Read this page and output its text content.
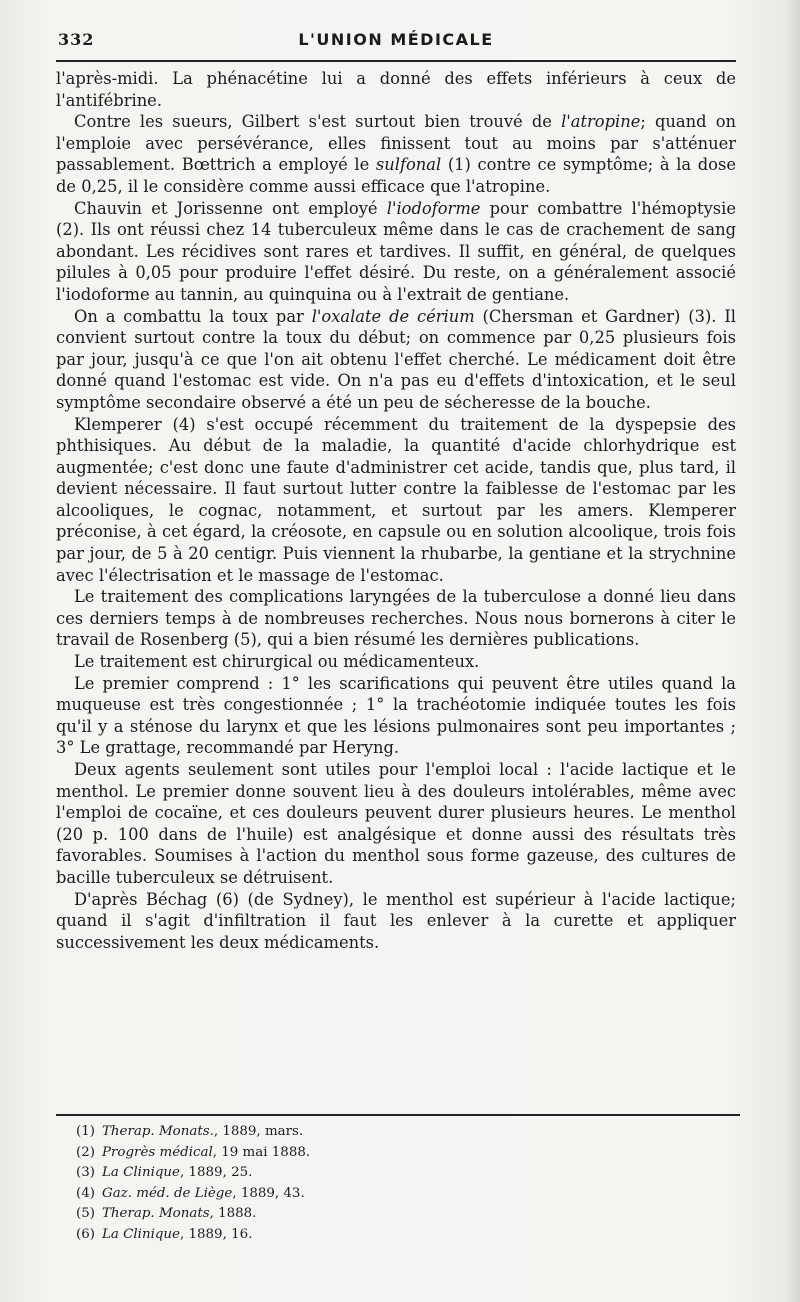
332	L'UNION MÉDICALE

l'après-midi. La phénacétine lui a donné des effets inférieurs à ceux de l'antifébrine.

Contre les sueurs, Gilbert s'est surtout bien trouvé de l'atropine; quand on l'emploie avec persévérance, elles finissent tout au moins par s'atténuer passablement. Bœttrich a employé le sulfonal (1) contre ce symptôme; à la dose de 0,25, il le considère comme aussi efficace que l'atropine.

Chauvin et Jorissenne ont employé l'iodoforme pour combattre l'hémoptysie (2). Ils ont réussi chez 14 tuberculeux même dans le cas de crachement de sang abondant. Les récidives sont rares et tardives. Il suffit, en général, de quelques pilules à 0,05 pour produire l'effet désiré. Du reste, on a généralement associé l'iodoforme au tannin, au quinquina ou à l'extrait de gentiane.

On a combattu la toux par l'oxalate de cérium (Chersman et Gardner) (3). Il convient surtout contre la toux du début; on commence par 0,25 plusieurs fois par jour, jusqu'à ce que l'on ait obtenu l'effet cherché. Le médicament doit être donné quand l'estomac est vide. On n'a pas eu d'effets d'intoxication, et le seul symptôme secondaire observé a été un peu de sécheresse de la bouche.

Klemperer (4) s'est occupé récemment du traitement de la dyspepsie des phthisiques. Au début de la maladie, la quantité d'acide chlorhydrique est augmentée; c'est donc une faute d'administrer cet acide, tandis que, plus tard, il devient nécessaire. Il faut surtout lutter contre la faiblesse de l'estomac par les alcooliques, le cognac, notamment, et surtout par les amers. Klemperer préconise, à cet égard, la créosote, en capsule ou en solution alcoolique, trois fois par jour, de 5 à 20 centigr. Puis viennent la rhubarbe, la gentiane et la strychnine avec l'électrisation et le massage de l'estomac.

Le traitement des complications laryngées de la tuberculose a donné lieu dans ces derniers temps à de nombreuses recherches. Nous nous bornerons à citer le travail de Rosenberg (5), qui a bien résumé les dernières publications.

Le traitement est chirurgical ou médicamenteux.

Le premier comprend : 1° les scarifications qui peuvent être utiles quand la muqueuse est très congestionnée ; 1° la trachéotomie indiquée toutes les fois qu'il y a sténose du larynx et que les lésions pulmonaires sont peu importantes ; 3° Le grattage, recommandé par Heryng.

Deux agents seulement sont utiles pour l'emploi local : l'acide lactique et le menthol. Le premier donne souvent lieu à des douleurs intolérables, même avec l'emploi de cocaïne, et ces douleurs peuvent durer plusieurs heures. Le menthol (20 p. 100 dans de l'huile) est analgésique et donne aussi des résultats très favorables. Soumises à l'action du menthol sous forme gazeuse, des cultures de bacille tuberculeux se détruisent.

D'après Béchag (6) (de Sydney), le menthol est supérieur à l'acide lactique; quand il s'agit d'infiltration il faut les enlever à la curette et appliquer successivement les deux médicaments.

(1) Therap. Monats., 1889, mars.
(2) Progrès médical, 19 mai 1888.
(3) La Clinique, 1889, 25.
(4) Gaz. méd. de Liège, 1889, 43.
(5) Therap. Monats, 1888.
(6) La Clinique, 1889, 16.
